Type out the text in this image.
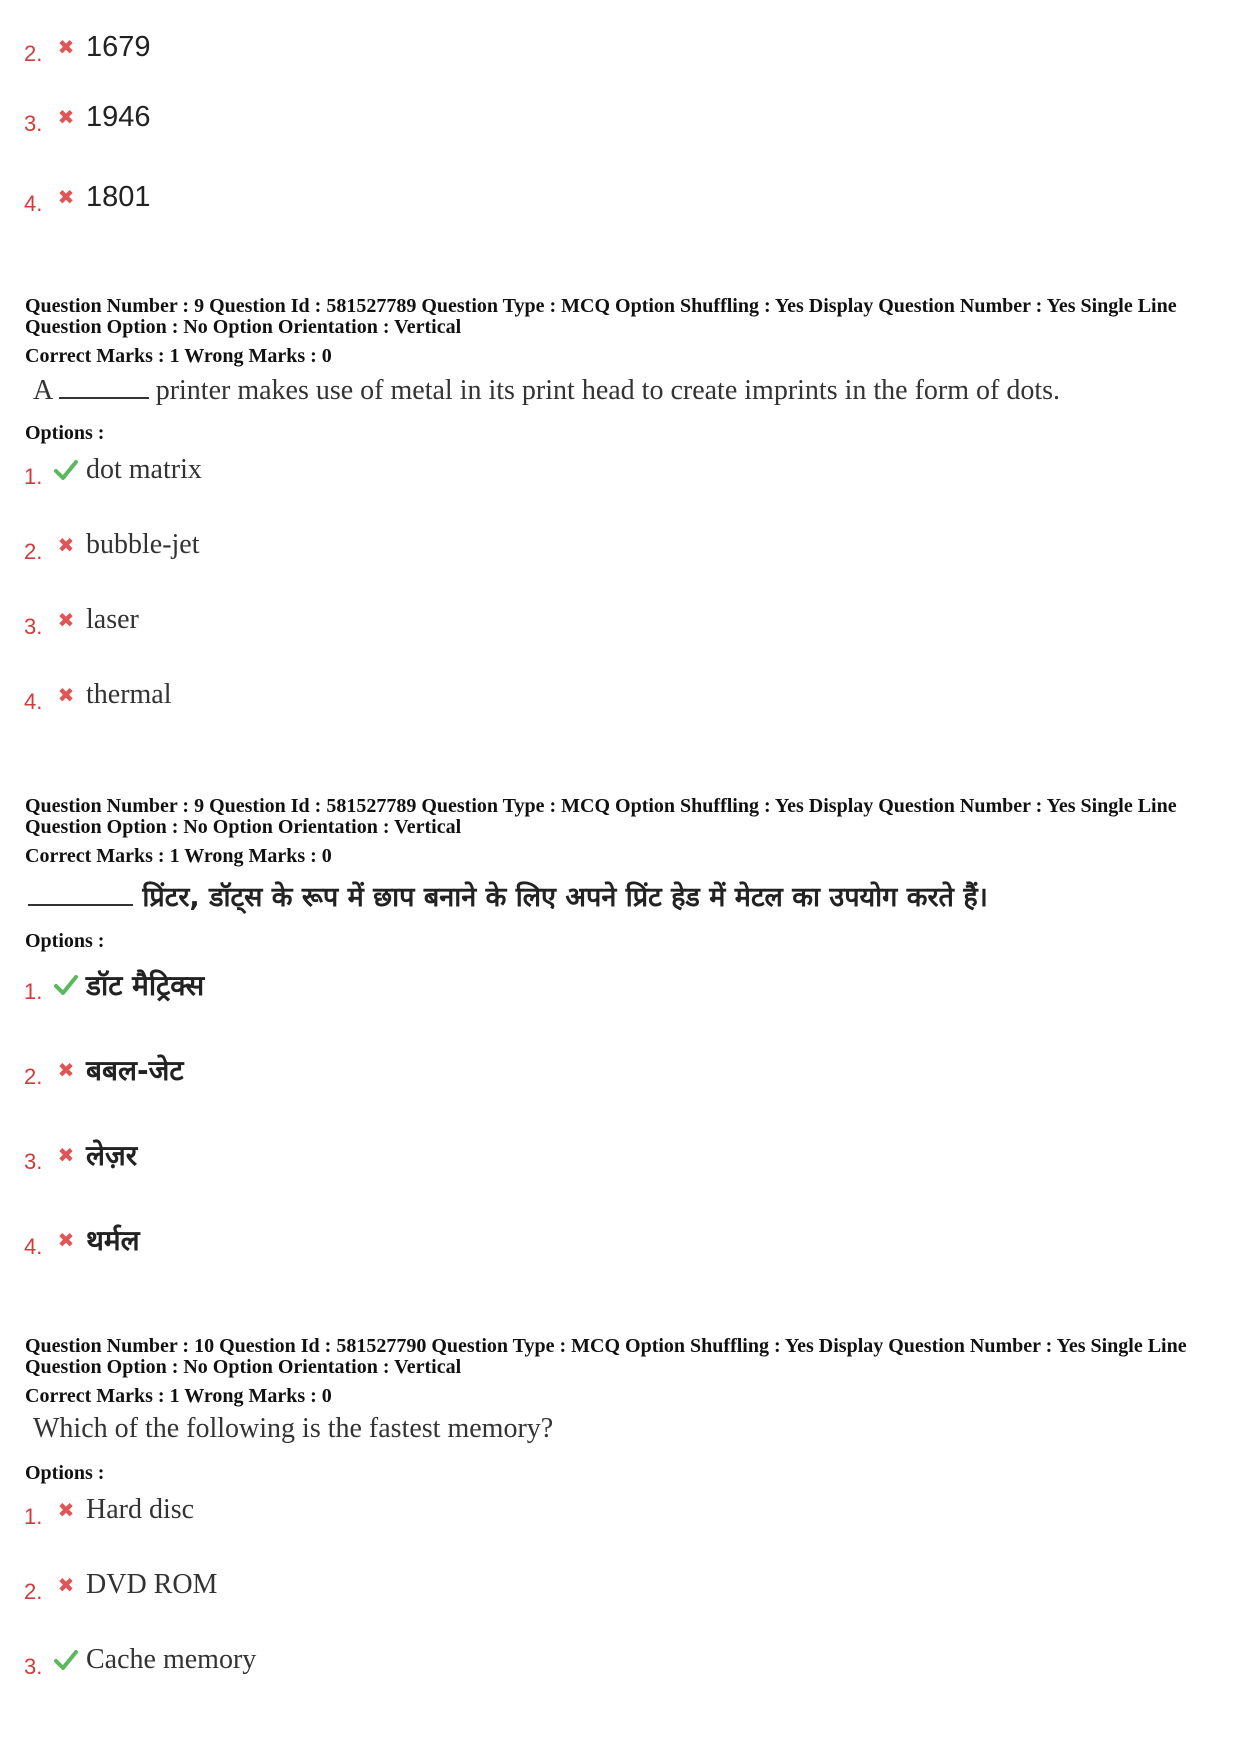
2. ✖ 1679
3. ✖ 1946
4. ✖ 1801
Question Number : 9 Question Id : 581527789 Question Type : MCQ Option Shuffling : Yes Display Question Number : Yes Single Line Question Option : No Option Orientation : Vertical
Correct Marks : 1 Wrong Marks : 0
A	printer makes use of metal in its print head to create imprints in the form of dots.
Options :
1.	dot matrix
2. ✖ bubble-jet
3. ✖ laser
4. ✖ thermal
Question Number : 9 Question Id : 581527789 Question Type : MCQ Option Shuffling : Yes Display Question Number : Yes Single Line Question Option : No Option Orientation : Vertical
Correct Marks : 1 Wrong Marks : 0
प्रिंटर, डॉट्स के रूप में छाप बनाने के लिए अपने प्रिंट हेड में मेटल का उपयोग करते हैं।
Options :
1.	डॉट मैट्रिक्स
2. ✖ बबल-जेट
3. ✖ लेज़र
4. ✖ थर्मल
Question Number : 10 Question Id : 581527790 Question Type : MCQ Option Shuffling : Yes Display Question Number : Yes Single Line Question Option : No Option Orientation : Vertical
Correct Marks : 1 Wrong Marks : 0
Which of the following is the fastest memory?
Options :
1. ✖ Hard disc
2. ✖ DVD ROM
3.	Cache memory
